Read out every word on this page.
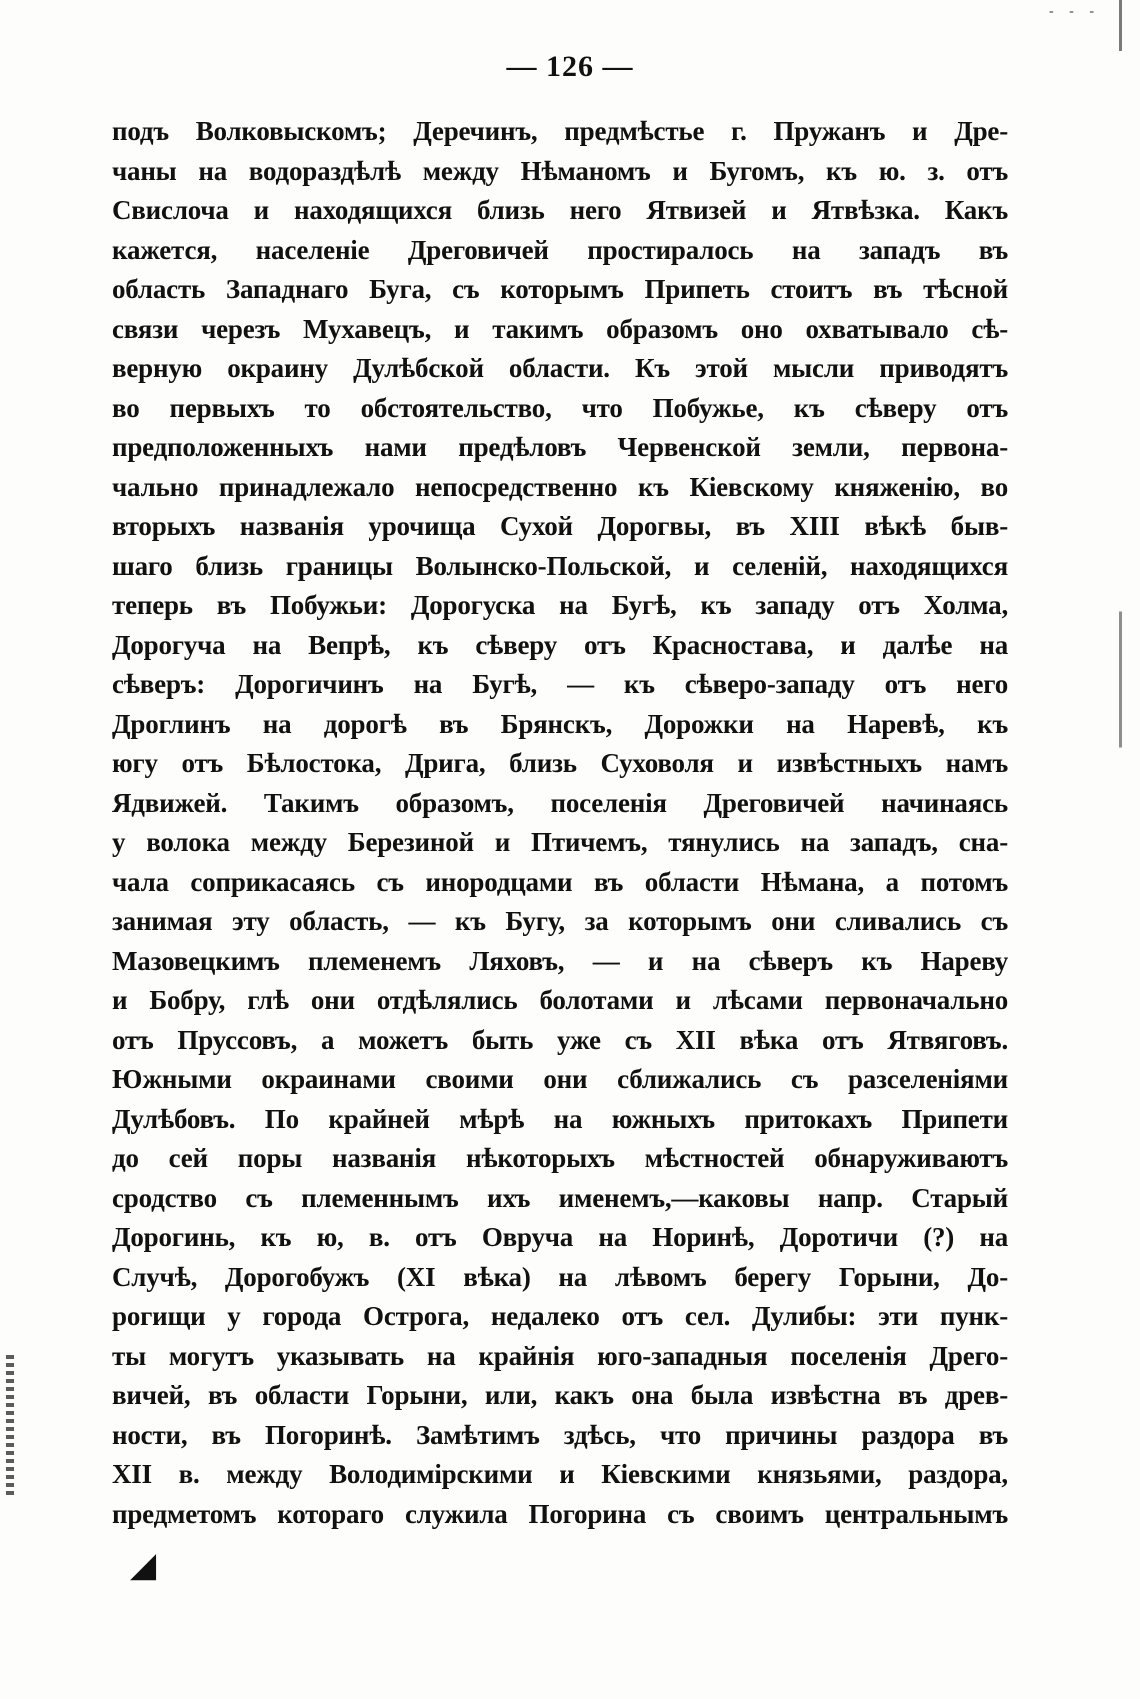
- - -
— 126 —
подъ Волковыскомъ; Деречинъ, предмѣстье г. Пружанъ и Дре-
чаны на водораздѣлѣ между Нѣманомъ и Бугомъ, къ ю. з. отъ
Свислоча и находящихся близь него Ятвизей и Ятвѣзка. Какъ
кажется, населеніе Дреговичей простиралось на западъ въ
область Западнаго Буга, съ которымъ Припеть стоитъ въ тѣсной
связи черезъ Мухавецъ, и такимъ образомъ оно охватывало сѣ-
верную окраину Дулѣбской области. Къ этой мысли приводятъ
во первыхъ то обстоятельство, что Побужье, къ сѣверу отъ
предположенныхъ нами предѣловъ Червенской земли, первона-
чально принадлежало непосредственно къ Кіевскому княженію, во
вторыхъ названія урочища Сухой Дорогвы, въ XIII вѣкѣ быв-
шаго близь границы Волынско-Польской, и селеній, находящихся
теперь въ Побужьи: Дорогуска на Бугѣ, къ западу отъ Холма,
Дорогуча на Вепрѣ, къ сѣверу отъ Красностава, и далѣе на
сѣверъ: Дорогичинъ на Бугѣ, — къ сѣверо-западу отъ него
Дроглинъ на дорогѣ въ Брянскъ, Дорожки на Наревѣ, къ
югу отъ Бѣлостока, Дрига, близь Суховоля и извѣстныхъ намъ
Ядвижей. Такимъ образомъ, поселенія Дреговичей начинаясь
у волока между Березиной и Птичемъ, тянулись на западъ, сна-
чала соприкасаясь съ инородцами въ области Нѣмана, а потомъ
занимая эту область, — къ Бугу, за которымъ они сливались съ
Мазовецкимъ племенемъ Ляховъ, — и на сѣверъ къ Нареву
и Бобру, глѣ они отдѣлялись болотами и лѣсами первоначально
отъ Пруссовъ, а можетъ быть уже съ XII вѣка отъ Ятвяговъ.
Южными окраинами своими они сближались съ разселеніями
Дулѣбовъ. По крайней мѣрѣ на южныхъ притокахъ Припети
до сей поры названія нѣкоторыхъ мѣстностей обнаруживаютъ
сродство съ племеннымъ ихъ именемъ,—каковы напр. Старый
Дорогинь, къ ю, в. отъ Овруча на Норинѣ, Доротичи (?) на
Случѣ, Дорогобужъ (XI вѣка) на лѣвомъ берегу Горыни, До-
рогищи у города Острога, недалеко отъ сел. Дулибы: эти пунк-
ты могутъ указывать на крайнія юго-западныя поселенія Дрего-
вичей, въ области Горыни, или, какъ она была извѣстна въ древ-
ности, въ Погоринѣ. Замѣтимъ здѣсь, что причины раздора въ
XII в. между Володимірскими и Кіевскими князьями, раздора,
предметомъ котораго служила Погорина съ своимъ центральнымъ
◢
